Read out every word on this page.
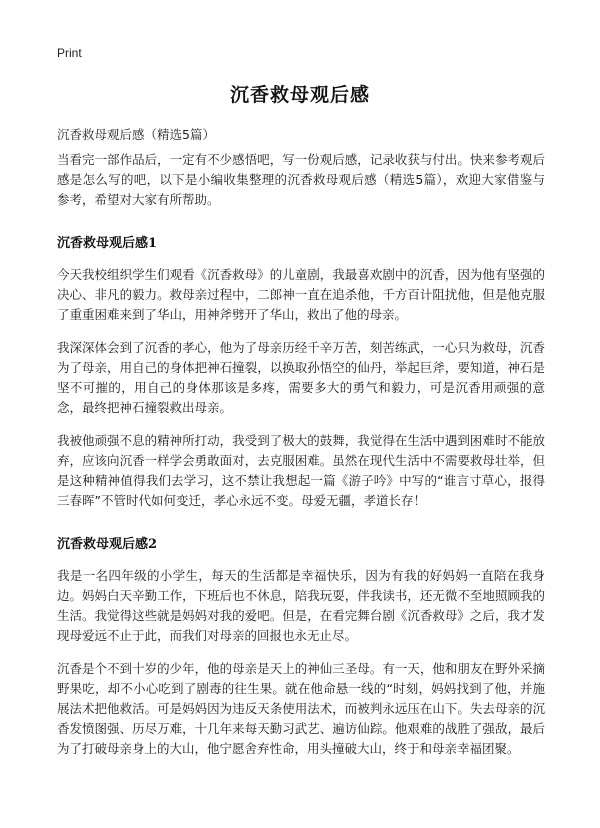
Print
沉香救母观后感
沉香救母观后感（精选5篇）

当看完一部作品后，一定有不少感悟吧，写一份观后感，记录收获与付出。快来参考观后感是怎么写的吧，以下是小编收集整理的沉香救母观后感（精选5篇），欢迎大家借鉴与参考，希望对大家有所帮助。

沉香救母观后感1

今天我校组织学生们观看《沉香救母》的儿童剧，我最喜欢剧中的沉香，因为他有坚强的决心、非凡的毅力。救母亲过程中，二郎神一直在追杀他，千方百计阻扰他，但是他克服了重重困难来到了华山，用神斧劈开了华山，救出了他的母亲。

我深深体会到了沉香的孝心，他为了母亲历经千辛万苦，刻苦练武，一心只为救母，沉香为了母亲，用自己的身体把神石撞裂，以换取孙悟空的仙丹，举起巨斧，要知道，神石是坚不可摧的，用自己的身体那该是多疼，需要多大的勇气和毅力，可是沉香用顽强的意念，最终把神石撞裂救出母亲。

我被他顽强不息的精神所打动，我受到了极大的鼓舞，我觉得在生活中遇到困难时不能放弃，应该向沉香一样学会勇敢面对，去克服困难。虽然在现代生活中不需要救母壮举，但是这种精神值得我们去学习，这不禁让我想起一篇《游子吟》中写的“谁言寸草心，报得三春晖”不管时代如何变迁，孝心永远不变。母爱无疆，孝道长存！

沉香救母观后感2

我是一名四年级的小学生，每天的生活都是幸福快乐，因为有我的好妈妈一直陪在我身边。妈妈白天辛勤工作，下班后也不休息，陪我玩耍，伴我读书，还无微不至地照顾我的生活。我觉得这些就是妈妈对我的爱吧。但是，在看完舞台剧《沉香救母》之后，我才发现母爱远不止于此，而我们对母亲的回报也永无止尽。

沉香是个不到十岁的少年，他的母亲是天上的神仙三圣母。有一天，他和朋友在野外采摘野果吃，却不小心吃到了剧毒的往生果。就在他命悬一线的“时刻，妈妈找到了他，并施展法术把他救活。可是妈妈因为违反天条使用法术，而被判永远压在山下。失去母亲的沉香发愤图强、历尽万难，十几年来每天勤习武艺、遍访仙踪。他艰难的战胜了强敌，最后为了打破母亲身上的大山，他宁愿舍弃性命，用头撞破大山，终于和母亲幸福团聚。
